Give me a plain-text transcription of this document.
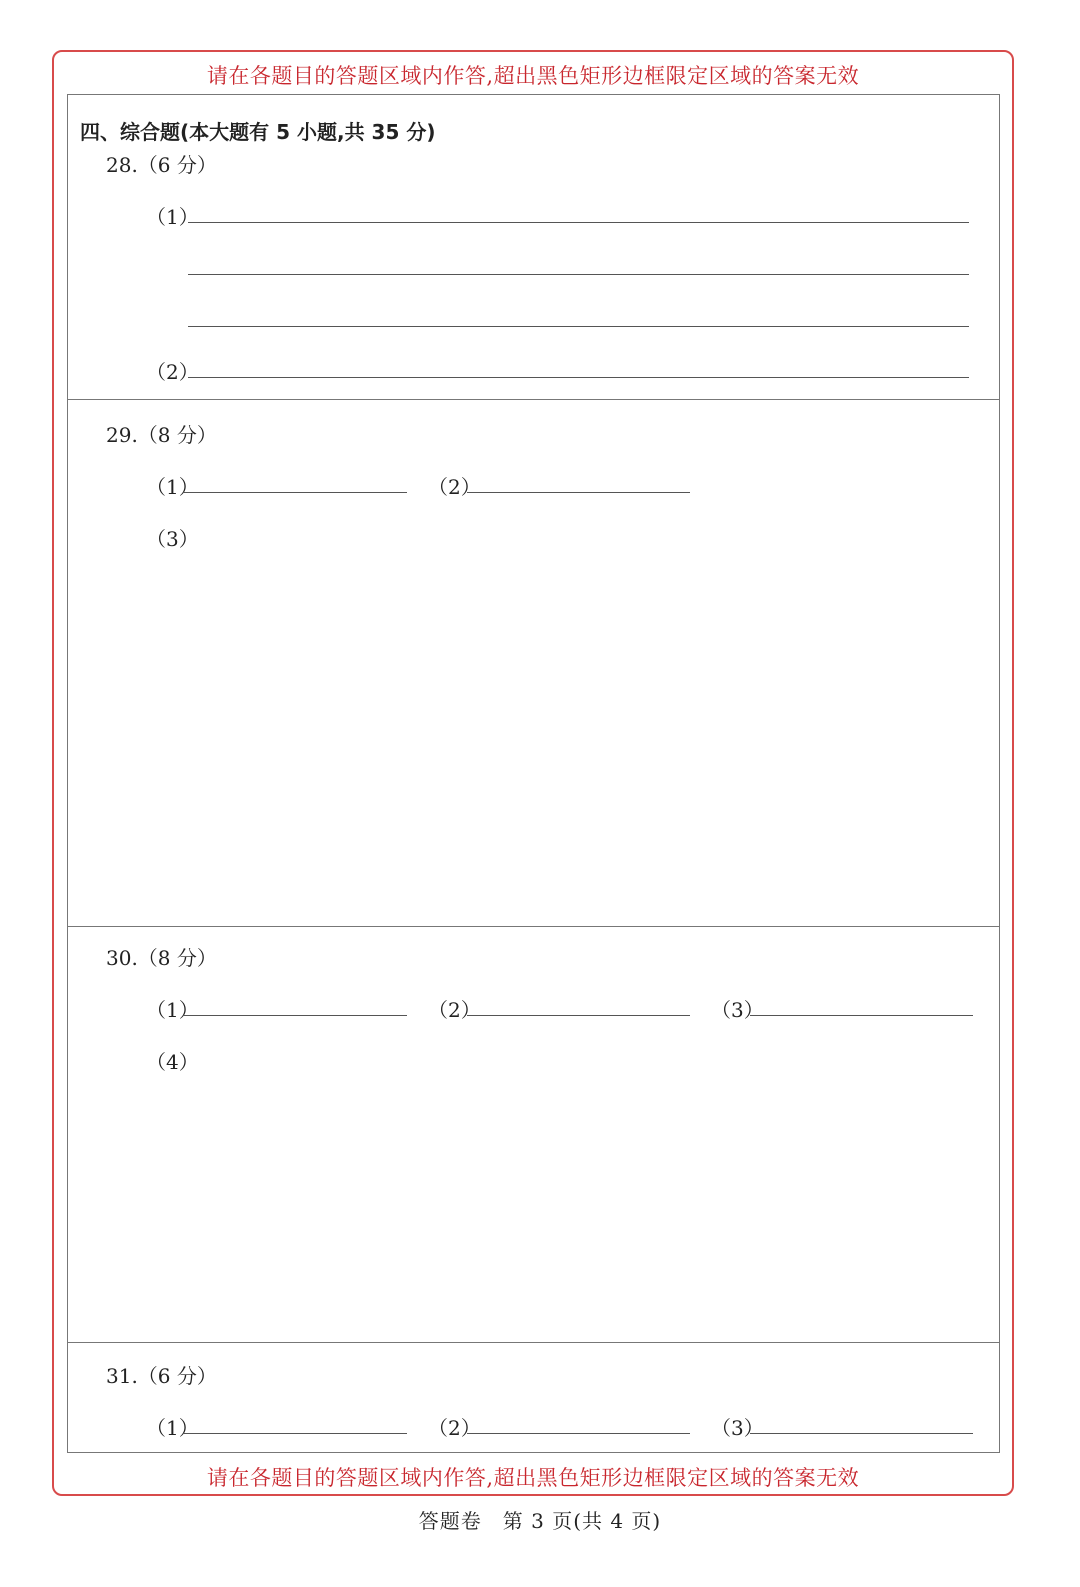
请在各题目的答题区域内作答,超出黑色矩形边框限定区域的答案无效
四、综合题(本大题有 5 小题,共 35 分)
28.（6 分）
（1）
（2）
29.（8 分）
（1）	（2）
（3）
30.（8 分）
（1）	（2）	（3）
（4）
31.（6 分）
（1）	（2）	（3）
请在各题目的答题区域内作答,超出黑色矩形边框限定区域的答案无效
答题卷　第 3 页(共 4 页)
